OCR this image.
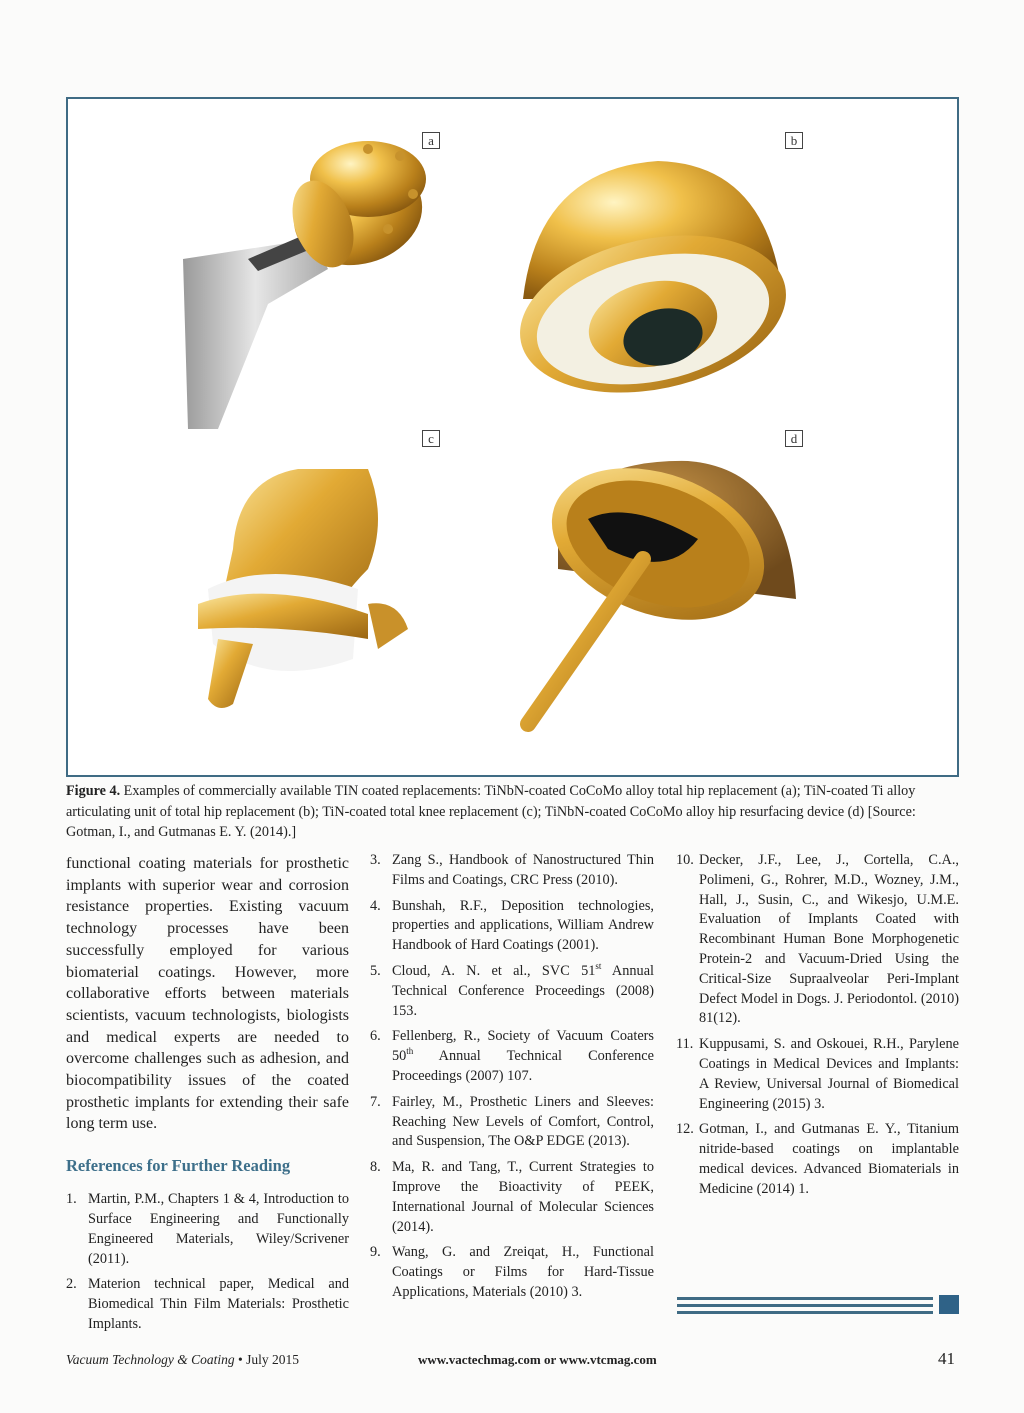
a	b
c	d
Figure 4. Examples of commercially available TIN coated replacements: TiNbN-coated CoCoMo alloy total hip replacement (a); TiN-coated Ti alloy articulating unit of total hip replacement (b); TiN-coated total knee replacement (c); TiNbN-coated CoCoMo alloy hip resurfacing device (d) [Source: Gotman, I., and Gutmanas E. Y. (2014).]
functional coating materials for prosthetic implants with superior wear and corrosion resistance properties. Existing vacuum technology processes have been successfully employed for various biomaterial coatings. However, more collaborative efforts between materials scientists, vacuum technologists, biologists and medical experts are needed to overcome challenges such as adhesion, and biocompatibility issues of the coated prosthetic implants for extending their safe long term use.
References for Further Reading
1. Martin, P.M., Chapters 1 & 4, Introduction to Surface Engineering and Functionally Engineered Materials, Wiley/Scrivener (2011).
2. Materion technical paper, Medical and Biomedical Thin Film Materials: Prosthetic Implants.
3. Zang S., Handbook of Nanostructured Thin Films and Coatings, CRC Press (2010).
4. Bunshah, R.F., Deposition technologies, properties and applications, William Andrew Handbook of Hard Coatings (2001).
5. Cloud, A. N. et al., SVC 51st Annual Technical Conference Proceedings (2008) 153.
6. Fellenberg, R., Society of Vacuum Coaters 50th Annual Technical Conference Proceedings (2007) 107.
7. Fairley, M., Prosthetic Liners and Sleeves: Reaching New Levels of Comfort, Control, and Suspension, The O&P EDGE (2013).
8. Ma, R. and Tang, T., Current Strategies to Improve the Bioactivity of PEEK, International Journal of Molecular Sciences (2014).
9. Wang, G. and Zreiqat, H., Functional Coatings or Films for Hard-Tissue Applications, Materials (2010) 3.
10. Decker, J.F., Lee, J., Cortella, C.A., Polimeni, G., Rohrer, M.D., Wozney, J.M., Hall, J., Susin, C., and Wikesjo, U.M.E. Evaluation of Implants Coated with Recombinant Human Bone Morphogenetic Protein-2 and Vacuum-Dried Using the Critical-Size Supraalveolar Peri-Implant Defect Model in Dogs. J. Periodontol. (2010) 81(12).
11. Kuppusami, S. and Oskouei, R.H., Parylene Coatings in Medical Devices and Implants: A Review, Universal Journal of Biomedical Engineering (2015) 3.
12. Gotman, I., and Gutmanas E. Y., Titanium nitride-based coatings on implantable medical devices. Advanced Biomaterials in Medicine (2014) 1.
Vacuum Technology & Coating • July 2015	www.vactechmag.com or www.vtcmag.com	41
